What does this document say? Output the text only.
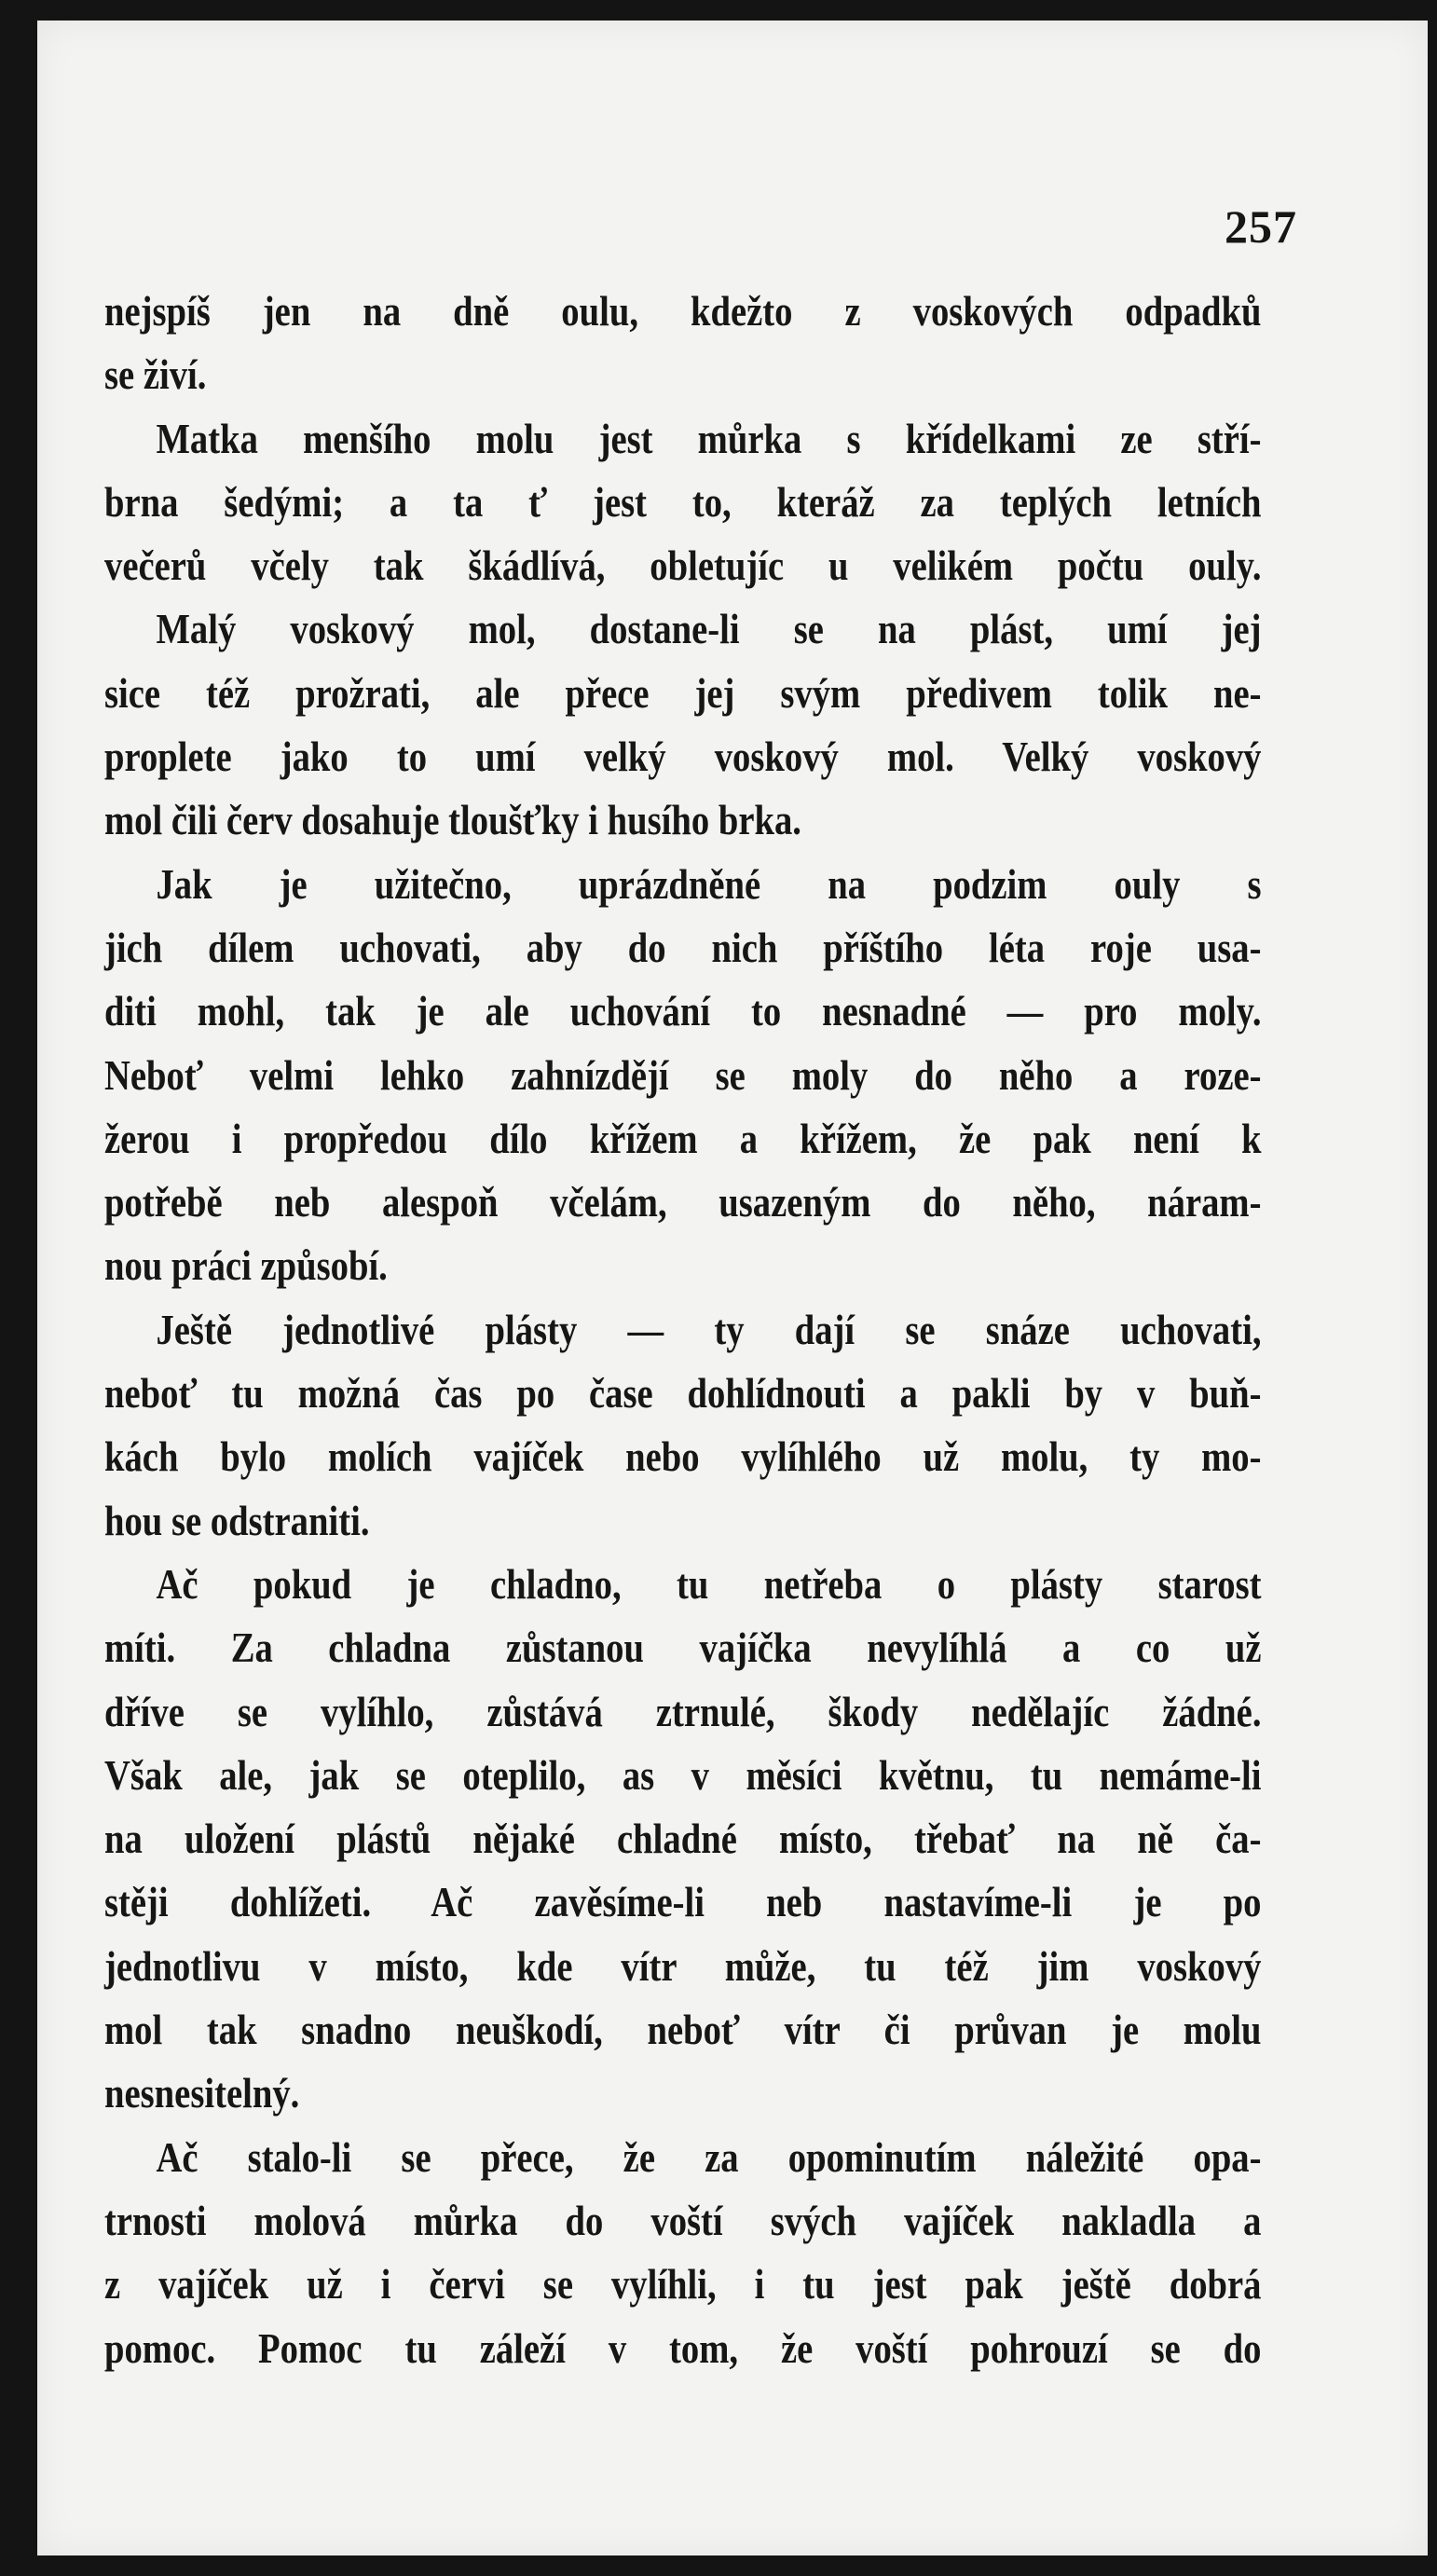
257
nejspíš jen na dně oulu, kdežto z voskových odpadků
se živí.
Matka menšího molu jest můrka s křídelkami ze stří-
brna šedými; a ta ť jest to, kteráž za teplých letních
večerů včely tak škádlívá, obletujíc u velikém počtu ouly.
Malý voskový mol, dostane-li se na plást, umí jej
sice též prožrati, ale přece jej svým předivem tolik ne-
proplete jako to umí velký voskový mol. Velký voskový
mol čili červ dosahuje tloušťky i husího brka.
Jak je užitečno, uprázdněné na podzim ouly s
jich dílem uchovati, aby do nich příštího léta roje usa-
diti mohl, tak je ale uchování to nesnadné — pro moly.
Neboť velmi lehko zahnízdějí se moly do něho a roze-
žerou i propředou dílo křížem a křížem, že pak není k
potřebě neb alespoň včelám, usazeným do něho, náram-
nou práci způsobí.
Ještě jednotlivé plásty — ty dají se snáze uchovati,
neboť tu možná čas po čase dohlídnouti a pakli by v buň-
kách bylo molích vajíček nebo vylíhlého už molu, ty mo-
hou se odstraniti.
Ač pokud je chladno, tu netřeba o plásty starost
míti. Za chladna zůstanou vajíčka nevylíhlá a co už
dříve se vylíhlo, zůstává ztrnulé, škody nedělajíc žádné.
Však ale, jak se oteplilo, as v měsíci květnu, tu nemáme-li
na uložení plástů nějaké chladné místo, třebať na ně ča-
stěji dohlížeti. Ač zavěsíme-li neb nastavíme-li je po
jednotlivu v místo, kde vítr může, tu též jim voskový
mol tak snadno neuškodí, neboť vítr či průvan je molu
nesnesitelný.
Ač stalo-li se přece, že za opominutím náležité opa-
trnosti molová můrka do voští svých vajíček nakladla a
z vajíček už i červi se vylíhli, i tu jest pak ještě dobrá
pomoc. Pomoc tu záleží v tom, že voští pohrouzí se do
